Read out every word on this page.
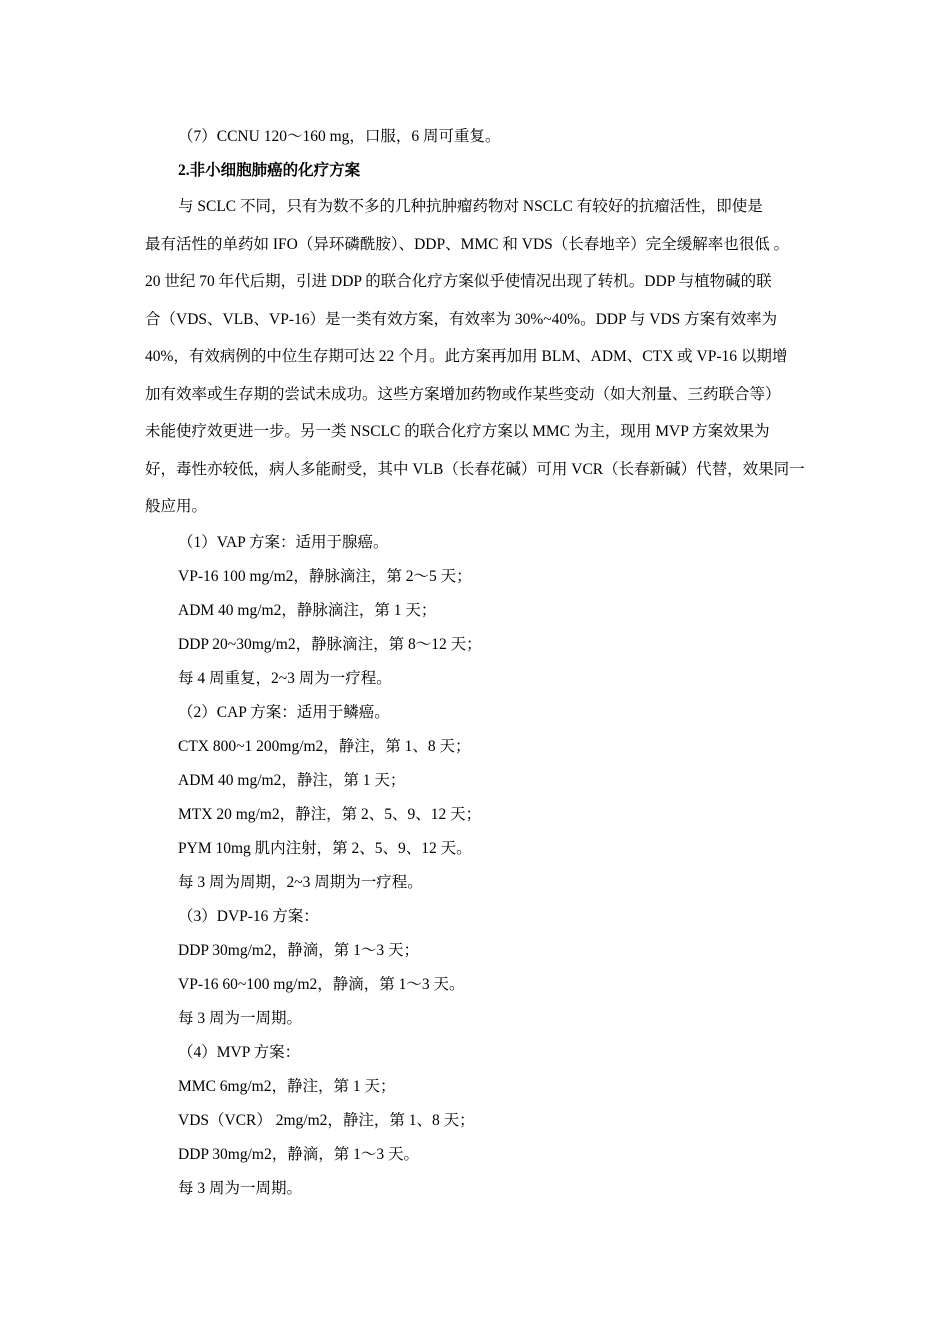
（7）CCNU 120～160 mg，口服，6 周可重复。
2.非小细胞肺癌的化疗方案
与 SCLC 不同，只有为数不多的几种抗肿瘤药物对 NSCLC 有较好的抗瘤活性，即使是
最有活性的单药如 IFO（异环磷酰胺）、DDP、MMC 和 VDS（长春地辛）完全缓解率也很低 。
20 世纪 70 年代后期，引进 DDP 的联合化疗方案似乎使情况出现了转机。DDP 与植物碱的联
合（VDS、VLB、VP-16）是一类有效方案，有效率为 30%~40%。DDP 与 VDS 方案有效率为
40%，有效病例的中位生存期可达 22 个月。此方案再加用 BLM、ADM、CTX 或 VP-16 以期增
加有效率或生存期的尝试未成功。这些方案增加药物或作某些变动（如大剂量、三药联合等）
未能使疗效更进一步。另一类 NSCLC 的联合化疗方案以 MMC 为主，现用 MVP 方案效果为
好，毒性亦较低，病人多能耐受，其中 VLB（长春花碱）可用 VCR（长春新碱）代替，效果同一
般应用。
（1）VAP 方案：适用于腺癌。
VP-16 100 mg/m2，静脉滴注，第 2～5 天；
ADM 40 mg/m2，静脉滴注，第 1 天；
DDP 20~30mg/m2，静脉滴注，第 8～12 天；
每 4 周重复，2~3 周为一疗程。
（2）CAP 方案：适用于鳞癌。
CTX 800~1 200mg/m2，静注，第 1、8 天；
ADM 40 mg/m2，静注，第 1 天；
MTX 20 mg/m2，静注，第 2、5、9、12 天；
PYM 10mg 肌内注射，第 2、5、9、12 天。
每 3 周为周期，2~3 周期为一疗程。
（3）DVP-16 方案：
DDP 30mg/m2，静滴，第 1～3 天；
VP-16 60~100 mg/m2，静滴，第 1～3 天。
每 3 周为一周期。
（4）MVP 方案：
MMC 6mg/m2，静注，第 1 天；
VDS（VCR） 2mg/m2，静注，第 1、8 天；
DDP 30mg/m2，静滴，第 1～3 天。
每 3 周为一周期。
